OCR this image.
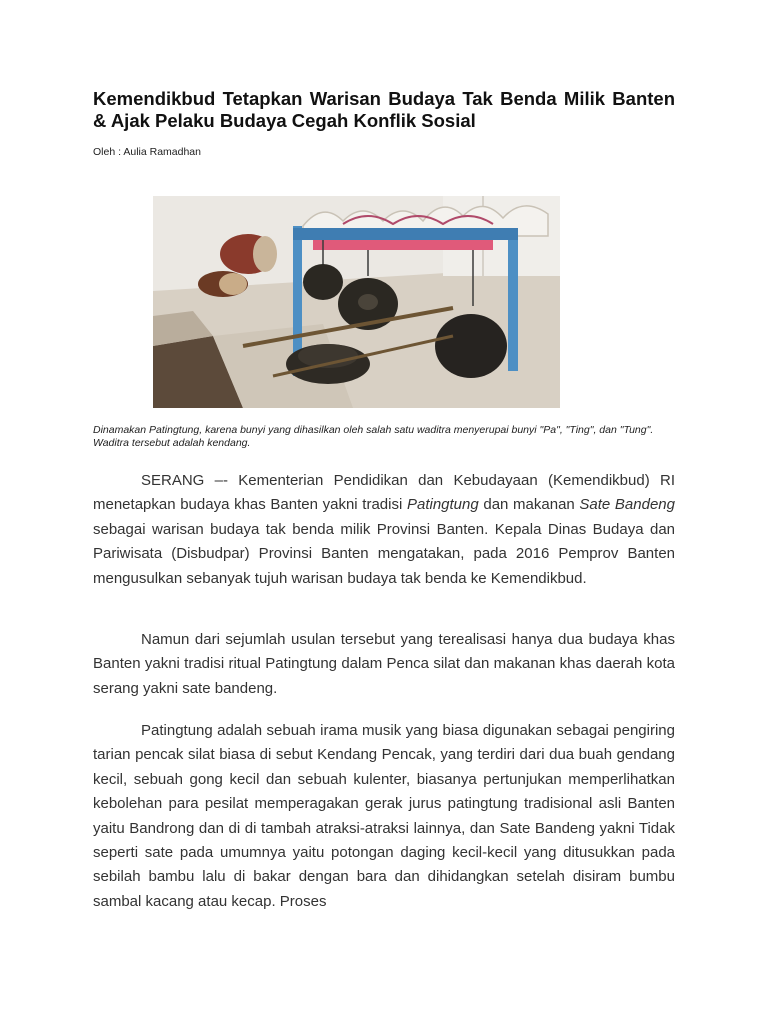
Kemendikbud Tetapkan Warisan Budaya Tak Benda Milik Banten & Ajak Pelaku Budaya Cegah Konflik Sosial
Oleh : Aulia Ramadhan

Dinamakan Patingtung, karena bunyi yang dihasilkan oleh salah satu waditra menyerupai bunyi "Pa", "Ting", dan "Tung". Waditra tersebut adalah kendang.

SERANG –- Kementerian Pendidikan dan Kebudayaan (Kemendikbud) RI menetapkan budaya khas Banten yakni tradisi Patingtung dan makanan Sate Bandeng sebagai warisan budaya tak benda milik Provinsi Banten. Kepala Dinas Budaya dan Pariwisata (Disbudpar) Provinsi Banten mengatakan, pada 2016 Pemprov Banten mengusulkan sebanyak tujuh warisan budaya tak benda ke Kemendikbud.

Namun dari sejumlah usulan tersebut yang terealisasi hanya dua budaya khas Banten yakni tradisi ritual Patingtung dalam Penca silat dan makanan khas daerah kota serang yakni sate bandeng.

Patingtung adalah sebuah irama musik yang biasa digunakan sebagai pengiring tarian pencak silat biasa di sebut Kendang Pencak, yang terdiri dari dua buah gendang kecil, sebuah gong kecil dan sebuah kulenter, biasanya pertunjukan memperlihatkan kebolehan para pesilat memperagakan gerak jurus patingtung tradisional asli Banten yaitu Bandrong dan di di tambah atraksi-atraksi lainnya, dan Sate Bandeng yakni Tidak seperti sate pada umumnya yaitu potongan daging kecil-kecil yang ditusukkan pada sebilah bambu lalu di bakar dengan bara dan dihidangkan setelah disiram bumbu sambal kacang atau kecap. Proses
